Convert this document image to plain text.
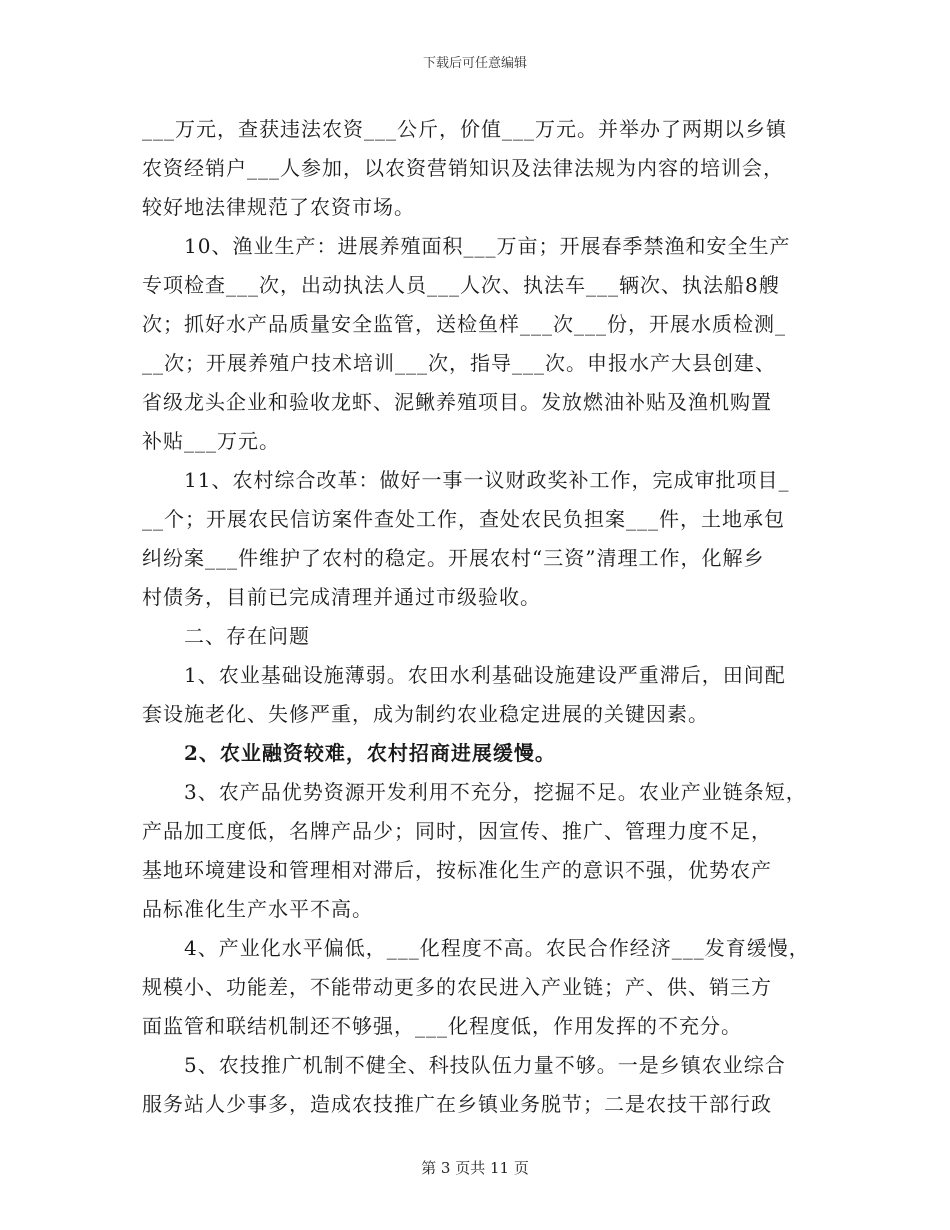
下载后可任意编辑
___万元，查获违法农资___公斤，价值___万元。并举办了两期以乡镇
农资经销户___人参加，以农资营销知识及法律法规为内容的培训会，
较好地法律规范了农资市场。
10、渔业生产：进展养殖面积___万亩；开展春季禁渔和安全生产
专项检查___次，出动执法人员___人次、执法车___辆次、执法船8艘
次；抓好水产品质量安全监管，送检鱼样___次___份，开展水质检测_
__次；开展养殖户技术培训___次，指导___次。申报水产大县创建、
省级龙头企业和验收龙虾、泥鳅养殖项目。发放燃油补贴及渔机购置
补贴___万元。
11、农村综合改革：做好一事一议财政奖补工作，完成审批项目_
__个；开展农民信访案件查处工作，查处农民负担案___件，土地承包
纠纷案___件维护了农村的稳定。开展农村“三资”清理工作，化解乡
村债务，目前已完成清理并通过市级验收。
二、存在问题
1、农业基础设施薄弱。农田水利基础设施建设严重滞后，田间配
套设施老化、失修严重，成为制约农业稳定进展的关键因素。
2、农业融资较难，农村招商进展缓慢。
3、农产品优势资源开发利用不充分，挖掘不足。农业产业链条短，
产品加工度低，名牌产品少；同时，因宣传、推广、管理力度不足，
基地环境建设和管理相对滞后，按标准化生产的意识不强，优势农产
品标准化生产水平不高。
4、产业化水平偏低，___化程度不高。农民合作经济___发育缓慢，
规模小、功能差，不能带动更多的农民进入产业链；产、供、销三方
面监管和联结机制还不够强，___化程度低，作用发挥的不充分。
5、农技推广机制不健全、科技队伍力量不够。一是乡镇农业综合
服务站人少事多，造成农技推广在乡镇业务脱节；二是农技干部行政
第 3 页共 11 页
